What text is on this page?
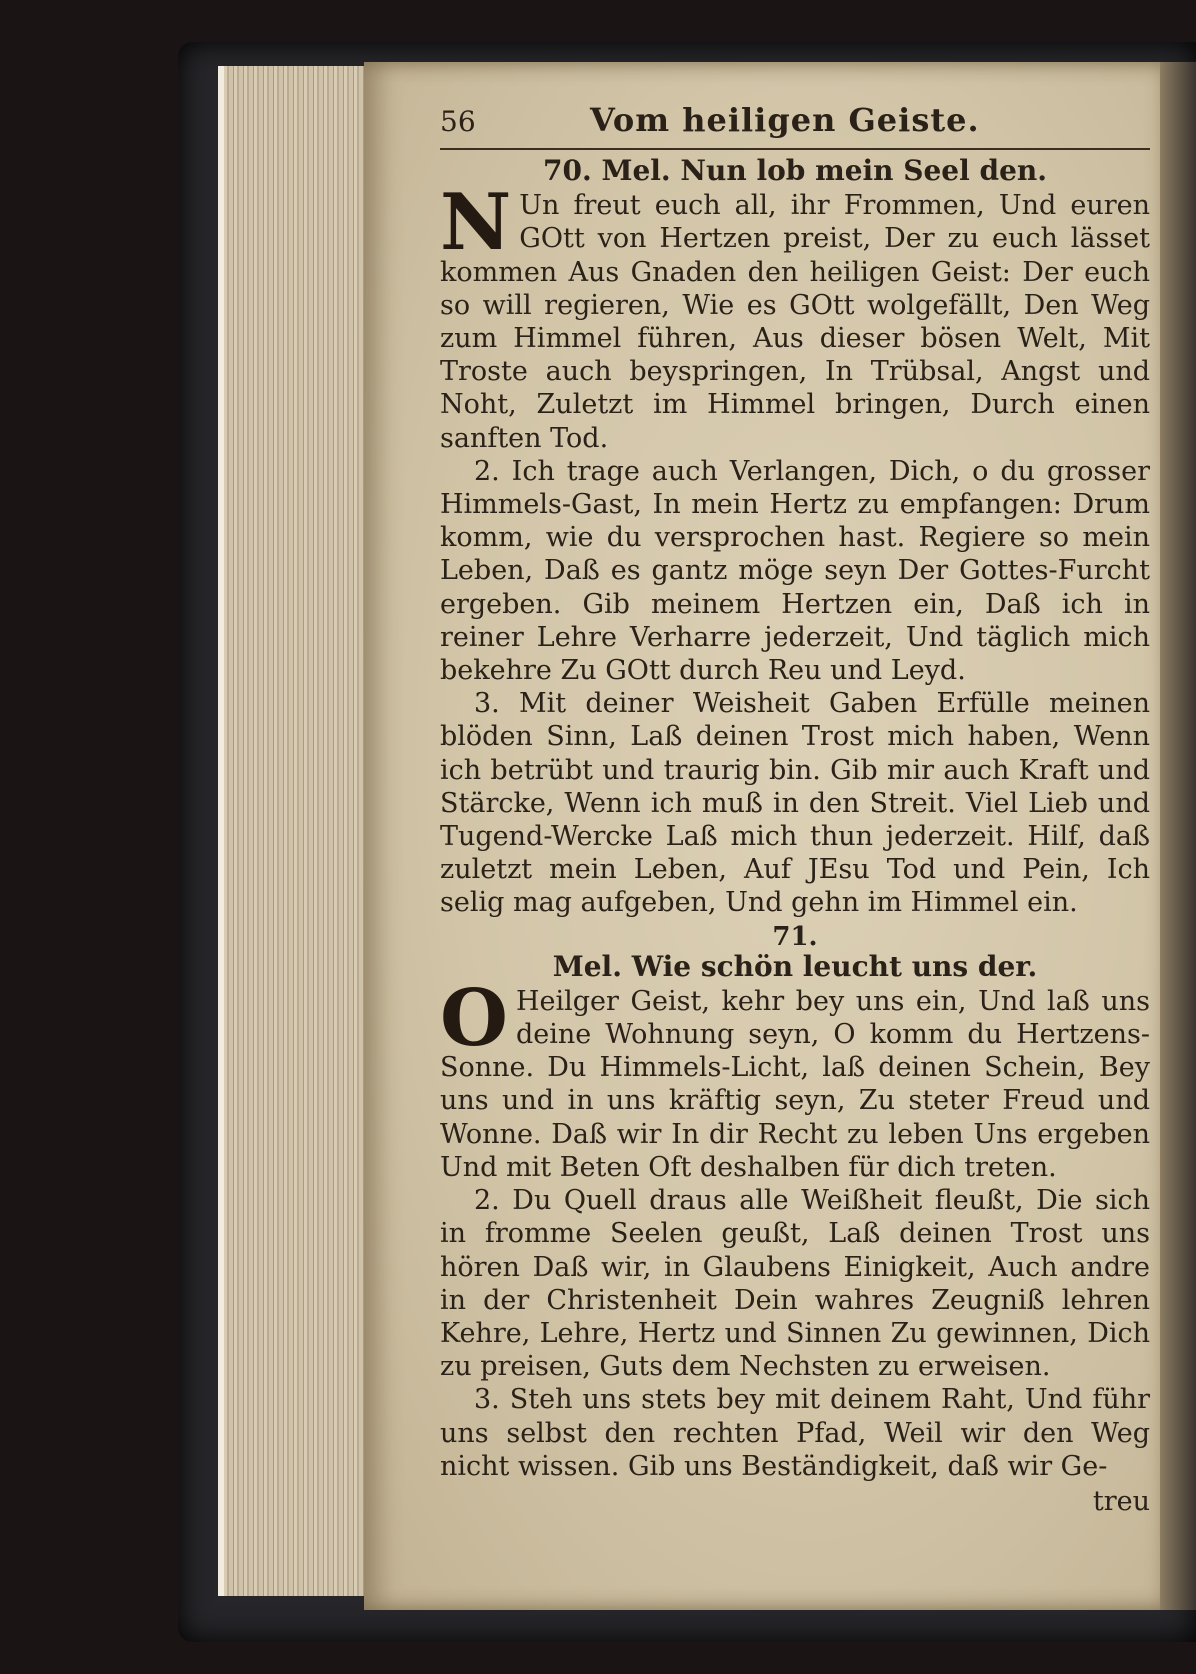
56	Vom heiligen Geiste.
70. Mel. Nun lob mein Seel den.

N Un freut euch all, ihr Frommen, Und euren GOtt von Hertzen preist, Der zu euch lässet kommen Aus Gnaden den heiligen Geist: Der euch so will regieren, Wie es GOtt wolgefällt, Den Weg zum Himmel führen, Aus dieser bösen Welt, Mit Troste auch beyspringen, In Trübsal, Angst und Noht, Zuletzt im Himmel bringen, Durch einen sanften Tod.

2. Ich trage auch Verlangen, Dich, o du grosser Himmels-Gast, In mein Hertz zu empfangen: Drum komm, wie du versprochen hast. Regiere so mein Leben, Daß es gantz möge seyn Der Gottes-Furcht ergeben. Gib meinem Hertzen ein, Daß ich in reiner Lehre Verharre jederzeit, Und täglich mich bekehre Zu GOtt durch Reu und Leyd.

3. Mit deiner Weisheit Gaben Erfülle meinen blöden Sinn, Laß deinen Trost mich haben, Wenn ich betrübt und traurig bin. Gib mir auch Kraft und Stärcke, Wenn ich muß in den Streit. Viel Lieb und Tugend-Wercke Laß mich thun jederzeit. Hilf, daß zuletzt mein Leben, Auf JEsu Tod und Pein, Ich selig mag aufgeben, Und gehn im Himmel ein.

71.
Mel. Wie schön leucht uns der.

O Heilger Geist, kehr bey uns ein, Und laß uns deine Wohnung seyn, O komm du Hertzens-Sonne. Du Himmels-Licht, laß deinen Schein, Bey uns und in uns kräftig seyn, Zu steter Freud und Wonne. Daß wir In dir Recht zu leben Uns ergeben Und mit Beten Oft deshalben für dich treten.

2. Du Quell draus alle Weißheit fleußt, Die sich in fromme Seelen geußt, Laß deinen Trost uns hören Daß wir, in Glaubens Einigkeit, Auch andre in der Christenheit Dein wahres Zeugniß lehren Kehre, Lehre, Hertz und Sinnen Zu gewinnen, Dich zu preisen, Guts dem Nechsten zu erweisen.

3. Steh uns stets bey mit deinem Raht, Und führ uns selbst den rechten Pfad, Weil wir den Weg nicht wissen. Gib uns Beständigkeit, daß wir Ge-

treu
